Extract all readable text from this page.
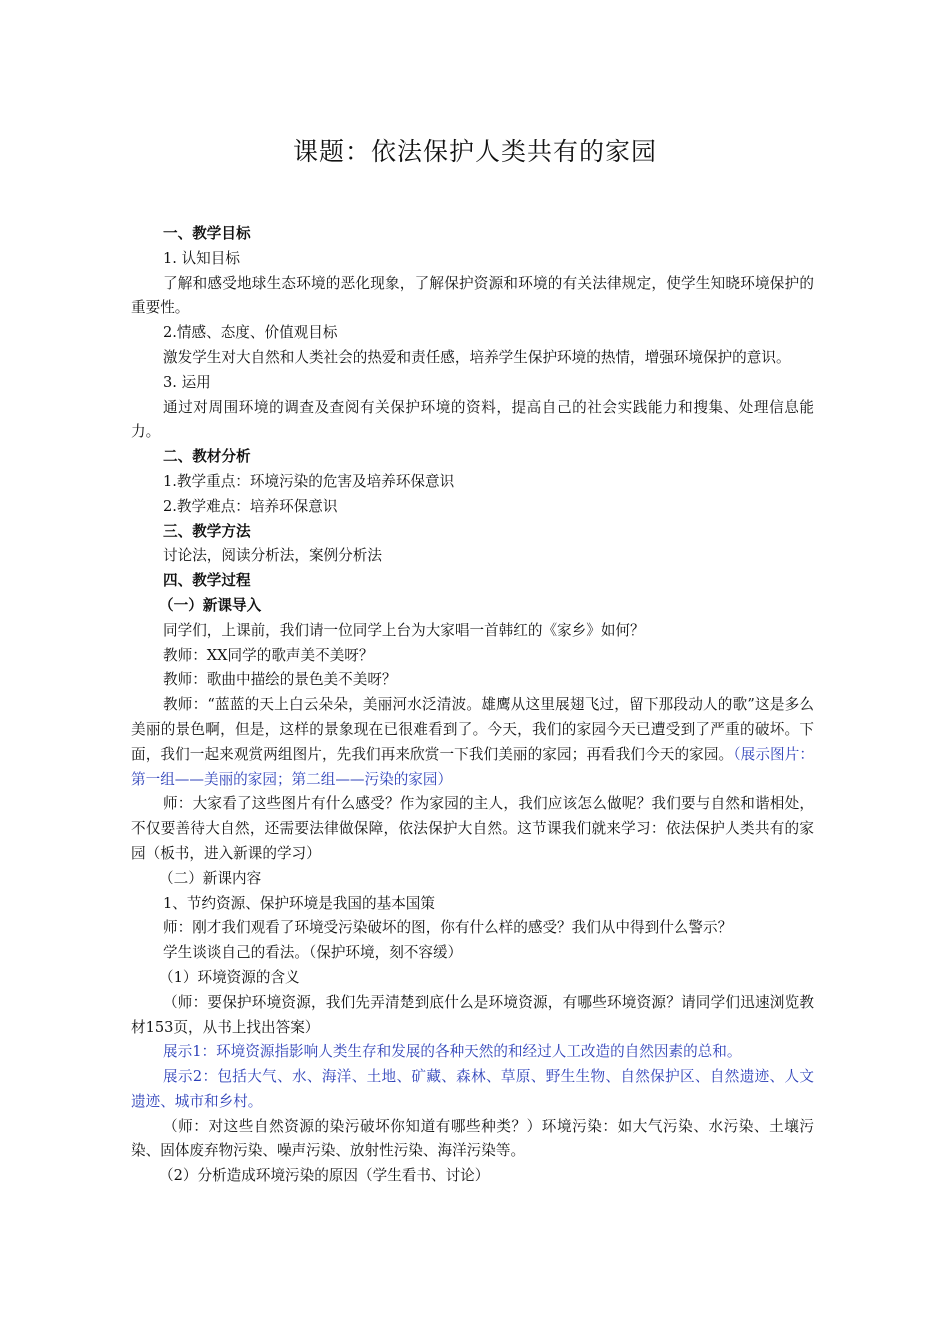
课题：依法保护人类共有的家园
一、教学目标
1. 认知目标
了解和感受地球生态环境的恶化现象，了解保护资源和环境的有关法律规定，使学生知晓环境保护的重要性。
2.情感、态度、价值观目标
激发学生对大自然和人类社会的热爱和责任感，培养学生保护环境的热情，增强环境保护的意识。
3. 运用
通过对周围环境的调查及查阅有关保护环境的资料，提高自己的社会实践能力和搜集、处理信息能力。
二、教材分析
1.教学重点：环境污染的危害及培养环保意识
2.教学难点：培养环保意识
三、教学方法
讨论法，阅读分析法，案例分析法
四、教学过程
（一）新课导入
同学们，上课前，我们请一位同学上台为大家唱一首韩红的《家乡》如何？
教师：XX同学的歌声美不美呀？
教师：歌曲中描绘的景色美不美呀？
教师：“蓝蓝的天上白云朵朵，美丽河水泛清波。雄鹰从这里展翅飞过，留下那段动人的歌”这是多么美丽的景色啊，但是，这样的景象现在已很难看到了。今天，我们的家园今天已遭受到了严重的破坏。下面，我们一起来观赏两组图片，先我们再来欣赏一下我们美丽的家园；再看我们今天的家园。（展示图片：第一组——美丽的家园；第二组——污染的家园）
师：大家看了这些图片有什么感受？作为家园的主人，我们应该怎么做呢？我们要与自然和谐相处，不仅要善待大自然，还需要法律做保障，依法保护大自然。这节课我们就来学习：依法保护人类共有的家园（板书，进入新课的学习）
（二）新课内容
1、节约资源、保护环境是我国的基本国策
师：刚才我们观看了环境受污染破坏的图，你有什么样的感受？我们从中得到什么警示？
学生谈谈自己的看法。（保护环境，刻不容缓）
（1）环境资源的含义
（师：要保护环境资源，我们先弄清楚到底什么是环境资源，有哪些环境资源？请同学们迅速浏览教材153页，从书上找出答案）
展示1：环境资源指影响人类生存和发展的各种天然的和经过人工改造的自然因素的总和。
展示2：包括大气、水、海洋、土地、矿藏、森林、草原、野生生物、自然保护区、自然遗迹、人文遗迹、城市和乡村。
（师：对这些自然资源的染污破坏你知道有哪些种类？）环境污染：如大气污染、水污染、土壤污染、固体废弃物污染、噪声污染、放射性污染、海洋污染等。
（2）分析造成环境污染的原因（学生看书、讨论）
